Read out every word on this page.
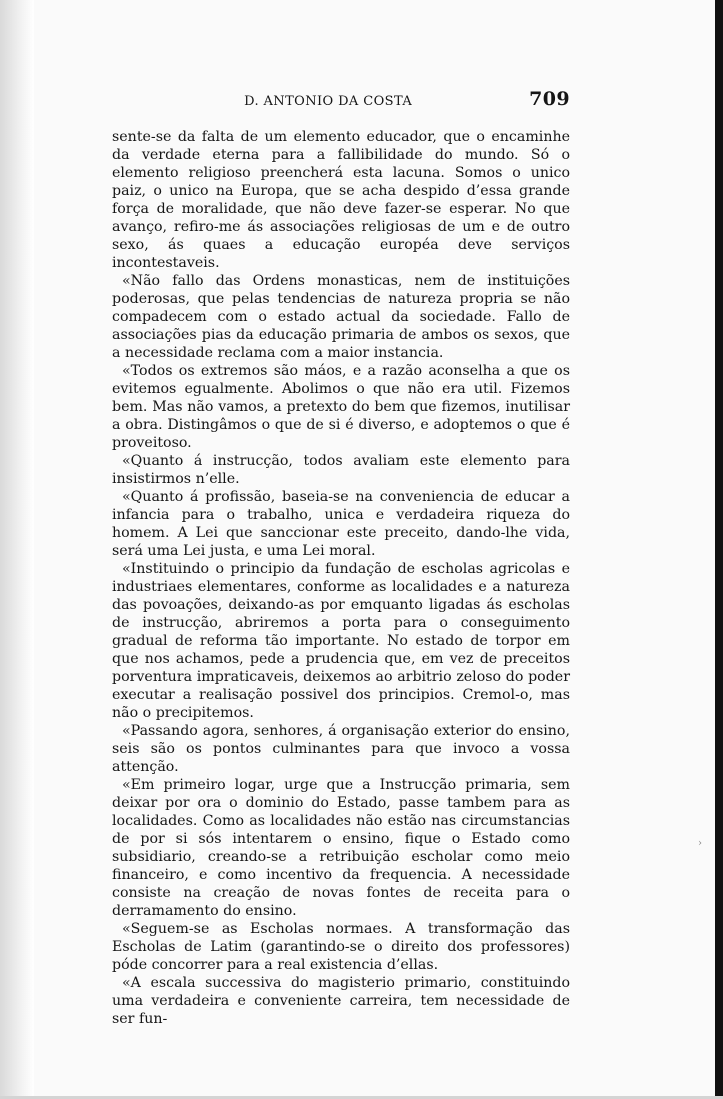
D. ANTONIO DA COSTA	709

sente-se da falta de um elemento educador, que o encaminhe da verdade eterna para a fallibilidade do mundo. Só o elemento religioso preencherá esta lacuna. Somos o unico paiz, o unico na Europa, que se acha despido d’essa grande força de moralidade, que não deve fazer-se esperar. No que avanço, refiro-me ás associações religiosas de um e de outro sexo, ás quaes a educação européa deve serviços incontestaveis.

«Não fallo das Ordens monasticas, nem de instituições poderosas, que pelas tendencias de natureza propria se não compadecem com o estado actual da sociedade. Fallo de associações pias da educação primaria de ambos os sexos, que a necessidade reclama com a maior instancia.

«Todos os extremos são máos, e a razão aconselha a que os evitemos egualmente. Abolimos o que não era util. Fizemos bem. Mas não vamos, a pretexto do bem que fizemos, inutilisar a obra. Distingâmos o que de si é diverso, e adoptemos o que é proveitoso.

«Quanto á instrucção, todos avaliam este elemento para insistirmos n’elle.

«Quanto á profissão, baseia-se na conveniencia de educar a infancia para o trabalho, unica e verdadeira riqueza do homem. A Lei que sanccionar este preceito, dando-lhe vida, será uma Lei justa, e uma Lei moral.

«Instituindo o principio da fundação de escholas agricolas e industriaes elementares, conforme as localidades e a natureza das povoações, deixando-as por emquanto ligadas ás escholas de instrucção, abriremos a porta para o conseguimento gradual de reforma tão importante. No estado de torpor em que nos achamos, pede a prudencia que, em vez de preceitos porventura impraticaveis, deixemos ao arbitrio zeloso do poder executar a realisação possivel dos principios. Cremol-o, mas não o precipitemos.

«Passando agora, senhores, á organisação exterior do ensino, seis são os pontos culminantes para que invoco a vossa attenção.

«Em primeiro logar, urge que a Instrucção primaria, sem deixar por ora o dominio do Estado, passe tambem para as localidades. Como as localidades não estão nas circumstancias de por si sós intentarem o ensino, fique o Estado como subsidiario, creando-se a retribuição escholar como meio financeiro, e como incentivo da frequencia. A necessidade consiste na creação de novas fontes de receita para o derramamento do ensino.

«Seguem-se as Escholas normaes. A transformação das Escholas de Latim (garantindo-se o direito dos professores) póde concorrer para a real existencia d’ellas.

«A escala successiva do magisterio primario, constituindo uma verdadeira e conveniente carreira, tem necessidade de ser fun-

›
